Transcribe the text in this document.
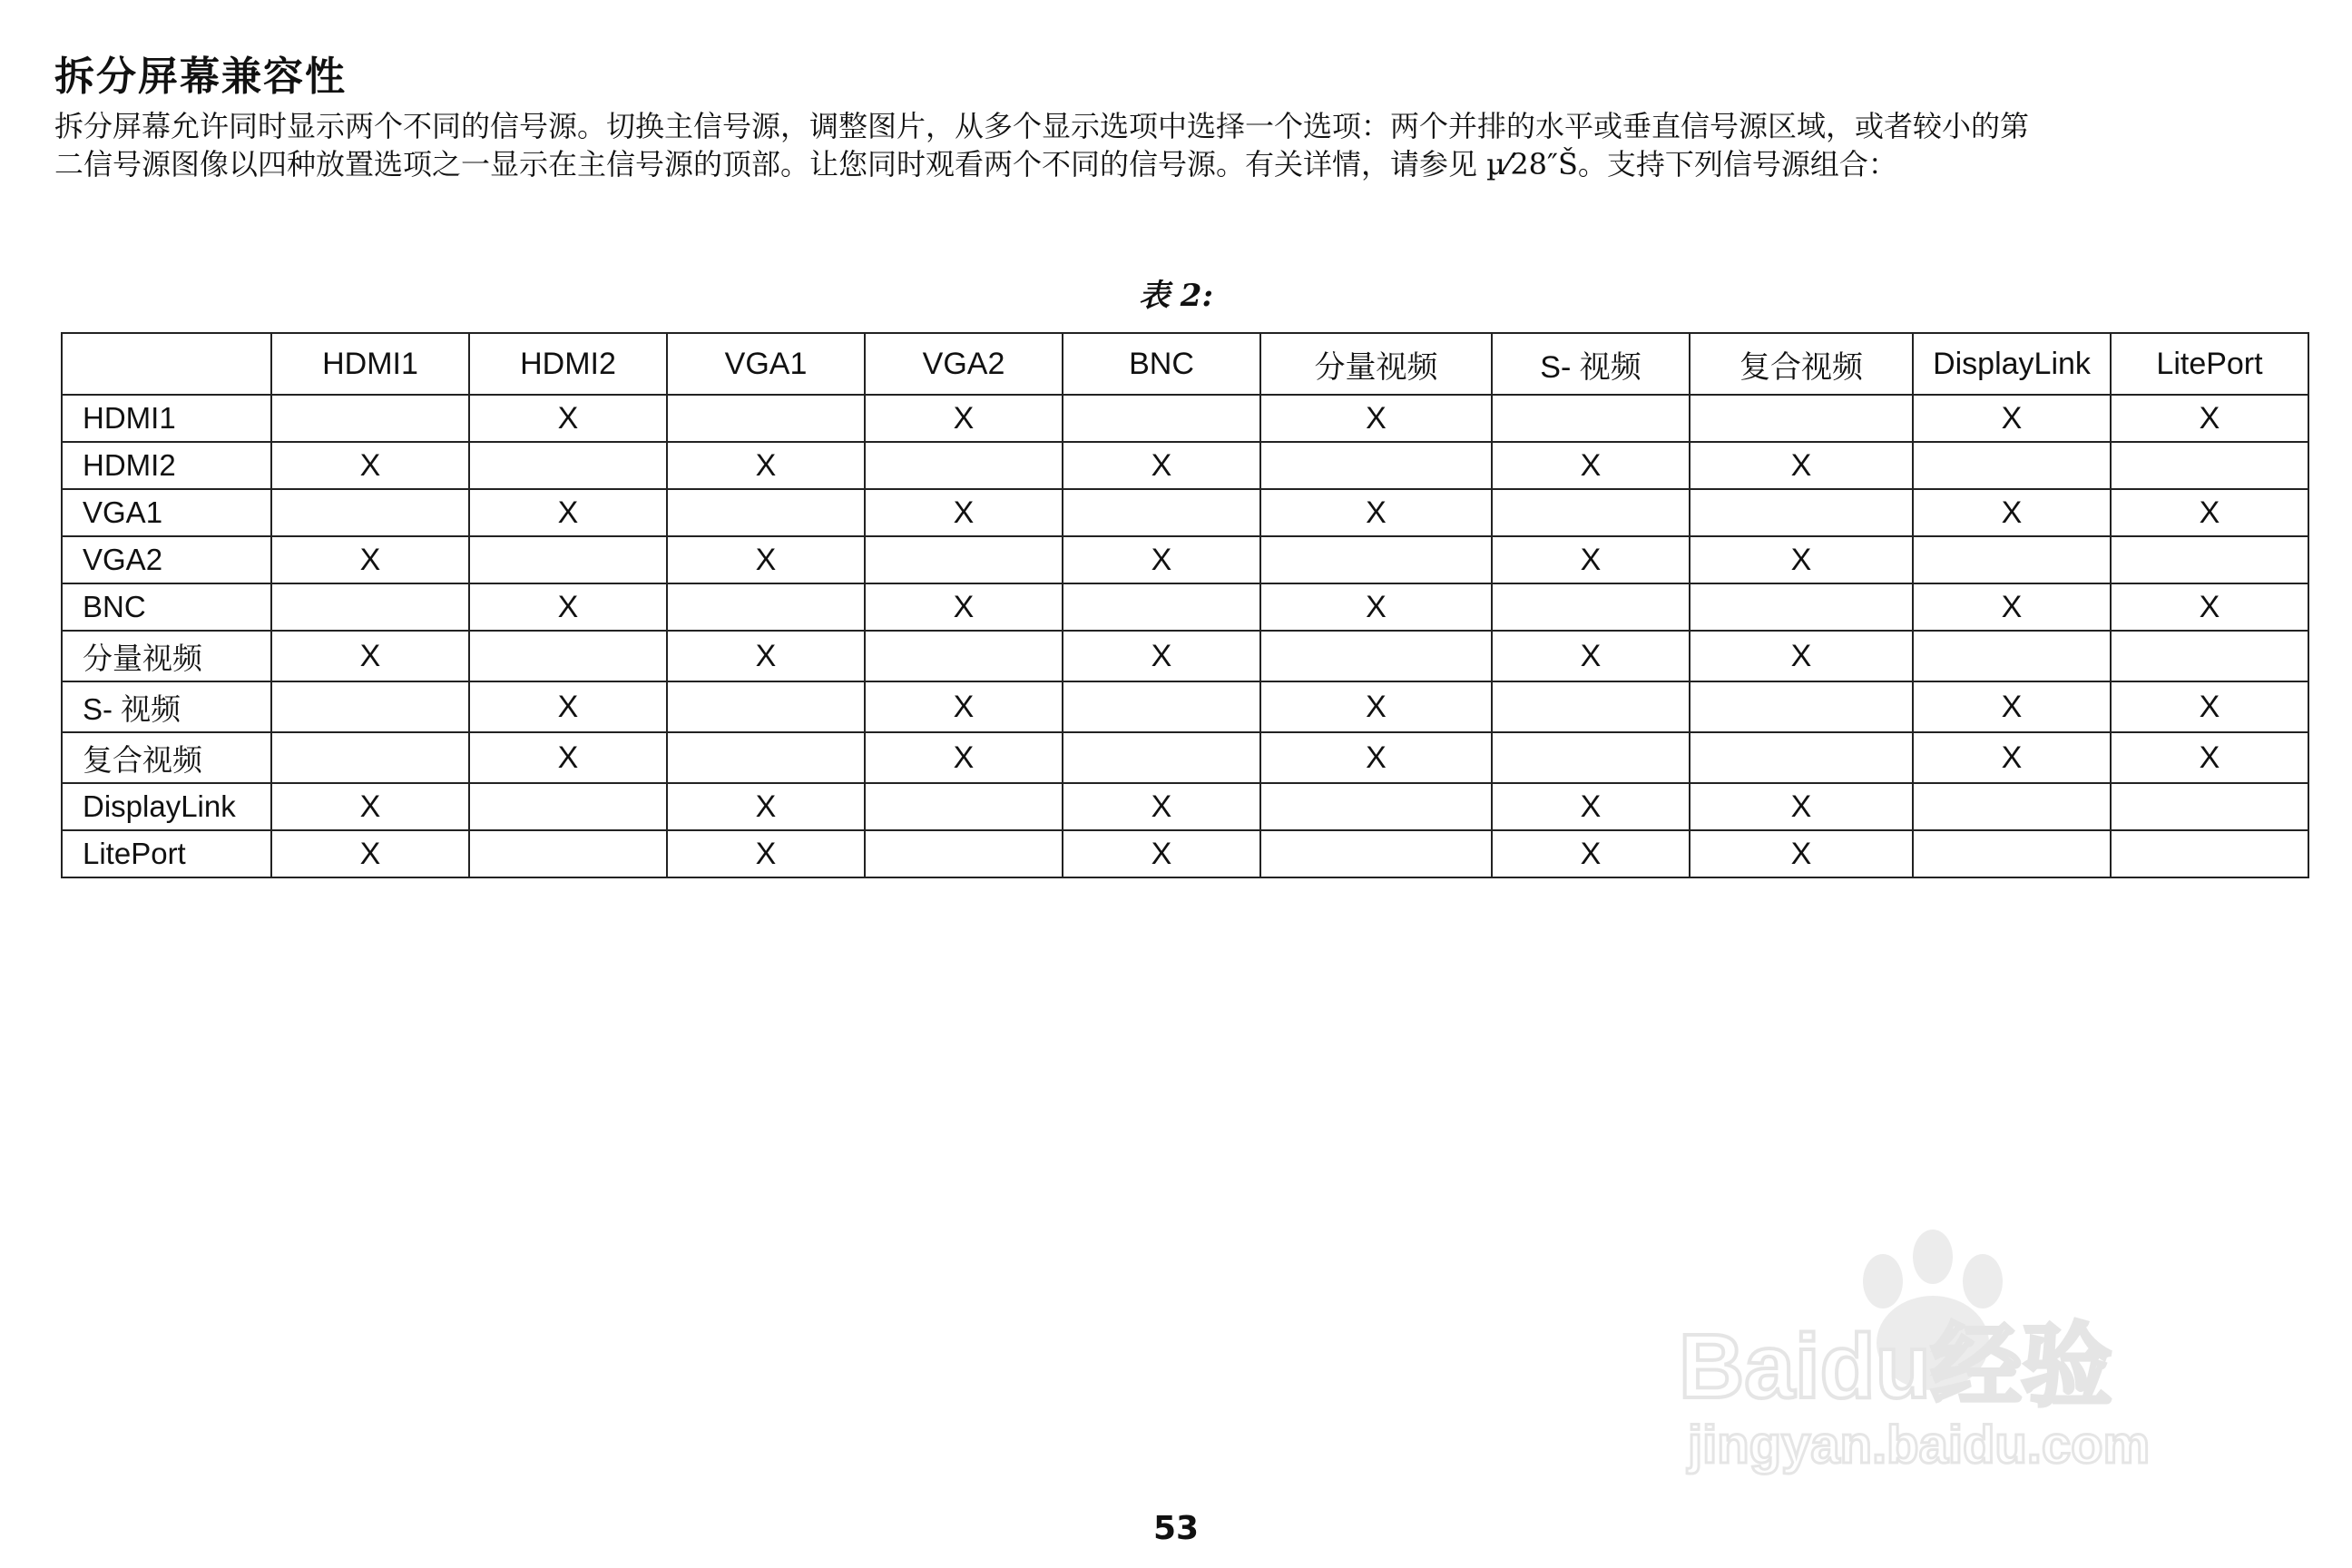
拆分屏幕兼容性
拆分屏幕允许同时显示两个不同的信号源。切换主信号源，调整图片，从多个显示选项中选择一个选项：两个并排的水平或垂直信号源区域，或者较小的第
二信号源图像以四种放置选项之一显示在主信号源的顶部。让您同时观看两个不同的信号源。有关详情，请参见 µ⁄28″Š。支持下列信号源组合：
表 2:
	HDMI1	HDMI2	VGA1	VGA2	BNC	分量视频	S- 视频	复合视频	DisplayLink	LitePort
HDMI1		X		X		X			X	X
HDMI2	X		X		X		X	X		
VGA1		X		X		X			X	X
VGA2	X		X		X		X	X		
BNC		X		X		X			X	X
分量视频	X		X		X		X	X		
S- 视频		X		X		X			X	X
复合视频		X		X		X			X	X
DisplayLink	X		X		X		X	X		
LitePort	X		X		X		X	X		
53
Baidu经验
jingyan.baidu.com
